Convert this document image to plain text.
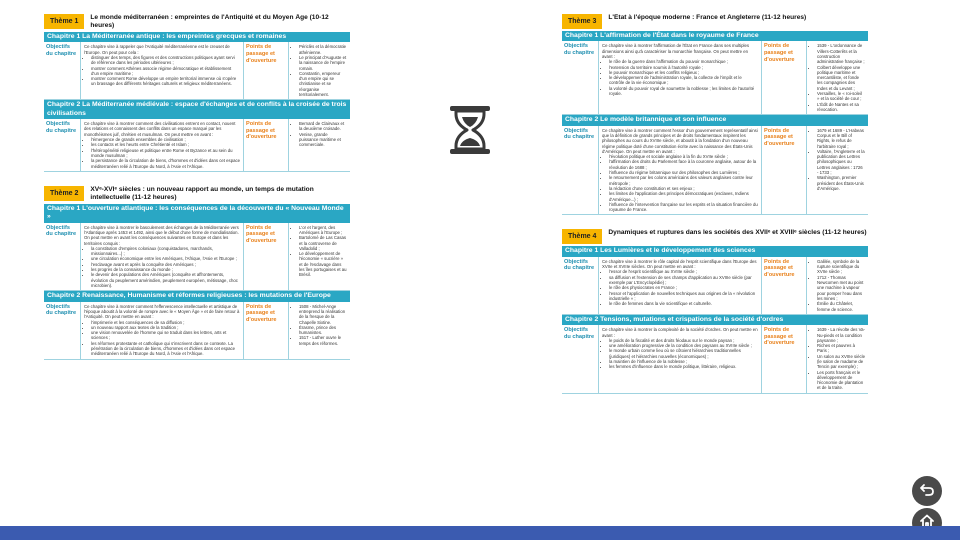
Thème 1
Le monde méditerranéen : empreintes de l'Antiquité et du Moyen Âge (10-12 heures)
Chapitre 1 La Méditerranée antique : les empreintes grecques et romaines
Objectifs du chapitre
Ce chapitre vise à rappeler que l'Antiquité méditerranéenne est le creuset de l'Europe. On peut pour cela :
• distinguer des temps, des figures et des constructions politiques ayant servi de référence dans les périodes ultérieures ;
• montrer comment Athènes associe régime démocratique et établissement d'un empire maritime ;
• montrer comment Rome développe un empire territorial immense où s'opère un brassage des différents héritages culturels et religieux méditerranéens.
Points de passage et d'ouverture
• Périclès et la démocratie athénienne.
• Le principat d'Auguste et la naissance de l'empire romain.
• Constantin, empereur d'un empire qui se christianise et se réorganise territorialement.
Chapitre 2 La Méditerranée médiévale : espace d'échanges et de conflits à la croisée de trois civilisations
Objectifs du chapitre
Ce chapitre vise à montrer comment des civilisations entrent en contact, nouent des relations et connaissent des conflits dans un espace marqué par les monothéismes juif, chrétien et musulman. On peut mettre en avant :
• l'émergence de grands ensembles de civilisation ;
• les contacts et les heurts entre Chrétienté et Islam ;
• l'hétérogénéité religieuse et politique entre Rome et Byzance et au sein du monde musulman ;
• la persistance de la circulation de biens, d'hommes et d'idées dans cet espace méditerranéen relié à l'Europe du Nord, à l'Asie et l'Afrique.
Points de passage et d'ouverture
• Bernard de Clairvaux et la deuxième croisade.
• Venise, grande puissance maritime et commerciale.
Thème 2
XVᵉ-XVIᵉ siècles : un nouveau rapport au monde, un temps de mutation intellectuelle (11-12 heures)
Chapitre 1 L'ouverture atlantique : les conséquences de la découverte du « Nouveau Monde »
Objectifs du chapitre
Ce chapitre vise à montrer le basculement des échanges de la Méditerranée vers l'Atlantique après 1453 et 1492, ainsi que le début d'une forme de mondialisation. On peut mettre en avant les conséquences suivantes en Europe et dans les territoires conquis :
• la constitution d'empires coloniaux (conquistadores, marchands, missionnaires...) ;
• une circulation économique entre les Amériques, l'Afrique, l'Asie et l'Europe ;
• l'esclavage avant et après la conquête des Amériques ;
• les progrès de la connaissance du monde ;
• le devenir des populations des Amériques (conquête et affrontements, évolution du peuplement amérindien, peuplement européen, métissage, choc microbien).
Points de passage et d'ouverture
• L'or et l'argent, des Amériques à l'Europe ;
• Bartolomé de Las Casas et la controverse de Valladolid ;
• Le développement de l'économie « sucrière » et de l'esclavage dans les îles portugaises et au Brésil.
Chapitre 2 Renaissance, Humanisme et réformes religieuses : les mutations de l'Europe
Objectifs du chapitre
Ce chapitre vise à montrer comment l'effervescence intellectuelle et artistique de l'époque aboutit à la volonté de rompre avec le « Moyen Âge » et de faire retour à l'Antiquité. On peut mettre en avant :
• l'imprimerie et les conséquences de sa diffusion ;
• un nouveau rapport aux textes de la tradition ;
• une vision renouvelée de l'homme qui se traduit dans les lettres, arts et sciences ;
• les réformes protestante et catholique qui s'inscrivent dans ce contexte. La pénétration de la circulation de biens, d'hommes et d'idées dans cet espace méditerranéen relié à l'Europe du Nord, à l'Asie et l'Afrique.
Points de passage et d'ouverture
• 1508 - Michel-Ange entreprend la réalisation de la fresque de la Chapelle Sixtine.
• Érasme, prince des humanistes.
• 1517 - Luther ouvre le temps des réformes.
Thème 3
L'État à l'époque moderne : France et Angleterre (11-12 heures)
Chapitre 1 L'affirmation de l'État dans le royaume de France
Objectifs du chapitre
Ce chapitre vise à montrer l'affirmation de l'État en France dans ses multiples dimensions ainsi qu'à caractériser la monarchie française. On peut mettre en avant :
• le rôle de la guerre dans l'affirmation du pouvoir monarchique ;
• l'extension du territoire soumis à l'autorité royale ;
• le pouvoir monarchique et les conflits religieux ;
• le développement de l'administration royale, la collecte de l'impôt et le contrôle de la vie économique ;
• la volonté du pouvoir royal de soumettre la noblesse ; les limites de l'autorité royale.
Points de passage et d'ouverture
• 1539 - L'ordonnance de Villers-Cotterêts et la construction administrative française ;
• Colbert développe une politique maritime et mercantiliste, et fonde les compagnies des Indes et du Levant ;
• Versailles, le « roi-soleil » et la société de cour ;
• L'Édit de Nantes et sa révocation.
Chapitre 2 Le modèle britannique et son influence
Objectifs du chapitre
Ce chapitre vise à montrer comment l'essor d'un gouvernement représentatif ainsi que la définition de grands principes et de droits fondamentaux inspirent les philosophes au cours du XVIIIe siècle, et aboutit à la fondation d'un nouveau régime politique doté d'une constitution écrite avec la naissance des États-Unis d'Amérique. On peut mettre en avant :
• l'évolution politique et sociale anglaise à la fin du XVIIe siècle ;
• l'affirmation des droits du Parlement face à la couronne anglaise, autour de la révolution de 1688 ;
• l'influence du régime britannique sur des philosophes des Lumières ;
• le retournement par les colons américains des valeurs anglaises contre leur métropole ;
• la rédaction d'une constitution et ses enjeux ;
• les limites de l'application des principes démocratiques (esclaves, Indiens d'Amérique...) ;
• l'influence de l'intervention française sur les esprits et la situation financière du royaume de France.
Points de passage et d'ouverture
• 1679 et 1689 - L'Habeas Corpus et le Bill of Rights, le refus de l'arbitraire royal ;
• Voltaire, l'Angleterre et la publication des Lettres philosophiques ou Lettres anglaises : 1726 - 1733 ;
• Washington, premier président des États-Unis d'Amérique.
Thème 4
Dynamiques et ruptures dans les sociétés des XVIIᵉ et XVIIIᵉ siècles (11-12 heures)
Chapitre 1 Les Lumières et le développement des sciences
Objectifs du chapitre
Ce chapitre vise à montrer le rôle capital de l'esprit scientifique dans l'Europe des XVIIe et XVIIIe siècles. On peut mettre en avant :
• l'essor de l'esprit scientifique au XVIIIe siècle ;
• sa diffusion et l'extension de ses champs d'application au XVIIIe siècle (par exemple par L'Encyclopédie) ;
• le rôle des physiocrates en France ;
• l'essor et l'application de nouvelles techniques aux origines de la « révolution industrielle » ;
• le rôle de femmes dans la vie scientifique et culturelle.
Points de passage et d'ouverture
• Galilée, symbole de la rupture scientifique du XVIIe siècle ;
• 1712 - Thomas Newcomen met au point une machine à vapeur pour pomper l'eau dans les mines ;
• Émilie du Châtelet, femme de science.
Chapitre 2 Tensions, mutations et crispations de la société d'ordres
Objectifs du chapitre
Ce chapitre vise à montrer la complexité de la société d'ordres. On peut mettre en avant :
• le poids de la fiscalité et des droits féodaux sur le monde paysan ;
• une amélioration progressive de la condition des paysans au XVIIIe siècle ;
• le monde urbain comme lieu où se côtoient hiérarchies traditionnelles (juridiques) et hiérarchies nouvelles (économiques) ;
• la maintien de l'influence de la noblesse ;
• les femmes d'influence dans le monde politique, littéraire, religieux.
Points de passage et d'ouverture
• 1639 - La révolte des Va-Nu-pieds et la condition paysanne ;
• Riches et pauvres à Paris ;
• Un salon au XVIIIe siècle (le salon de madame de Tencin par exemple) ;
• Les ports français et le développement de l'économie de plantation et de la traite.
